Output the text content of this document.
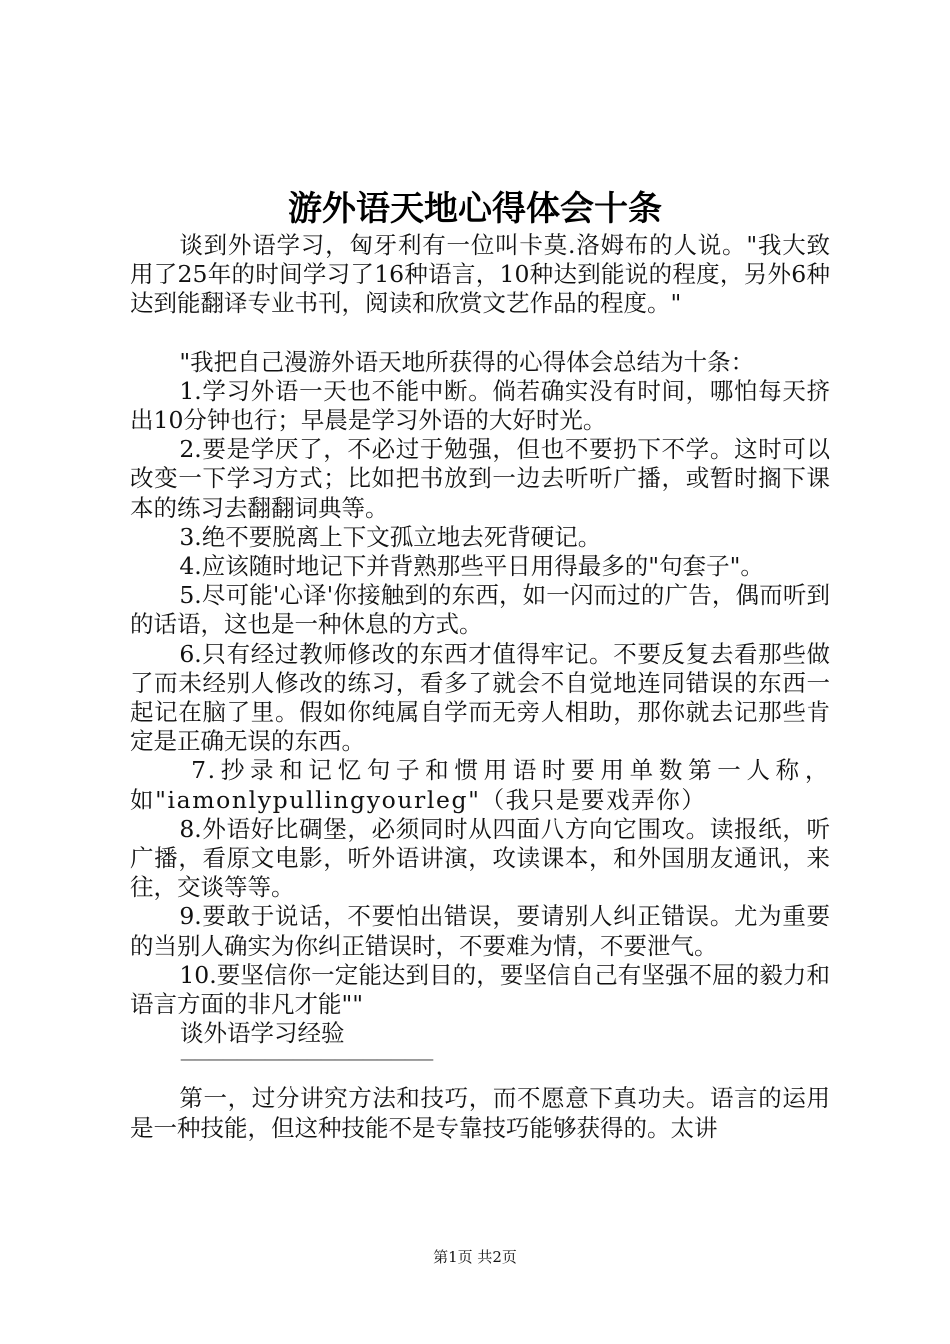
游外语天地心得体会十条

谈到外语学习，匈牙利有一位叫卡莫.洛姆布的人说。"我大致用了25年的时间学习了16种语言，10种达到能说的程度，另外6种达到能翻译专业书刊，阅读和欣赏文艺作品的程度。"

"我把自己漫游外语天地所获得的心得体会总结为十条：

1.学习外语一天也不能中断。倘若确实没有时间，哪怕每天挤出10分钟也行；早晨是学习外语的大好时光。

2.要是学厌了，不必过于勉强，但也不要扔下不学。这时可以改变一下学习方式；比如把书放到一边去听听广播，或暂时搁下课本的练习去翻翻词典等。

3.绝不要脱离上下文孤立地去死背硬记。

4.应该随时地记下并背熟那些平日用得最多的"句套子"。

5.尽可能'心译'你接触到的东西，如一闪而过的广告，偶而听到的话语，这也是一种休息的方式。

6.只有经过教师修改的东西才值得牢记。不要反复去看那些做了而未经别人修改的练习，看多了就会不自觉地连同错误的东西一起记在脑了里。假如你纯属自学而无旁人相助，那你就去记那些肯定是正确无误的东西。

7.抄录和记忆句子和惯用语时要用单数第一人称，如"iamonlypullingyourleg"（我只是要戏弄你）

8.外语好比碉堡，必须同时从四面八方向它围攻。读报纸，听广播，看原文电影，听外语讲演，攻读课本，和外国朋友通讯，来往，交谈等等。

9.要敢于说话，不要怕出错误，要请别人纠正错误。尤为重要的当别人确实为你纠正错误时，不要难为情，不要泄气。

10.要坚信你一定能达到目的，要坚信自己有坚强不屈的毅力和语言方面的非凡才能""

谈外语学习经验

——————————————————

第一，过分讲究方法和技巧，而不愿意下真功夫。语言的运用是一种技能，但这种技能不是专靠技巧能够获得的。太讲

第1页 共2页
